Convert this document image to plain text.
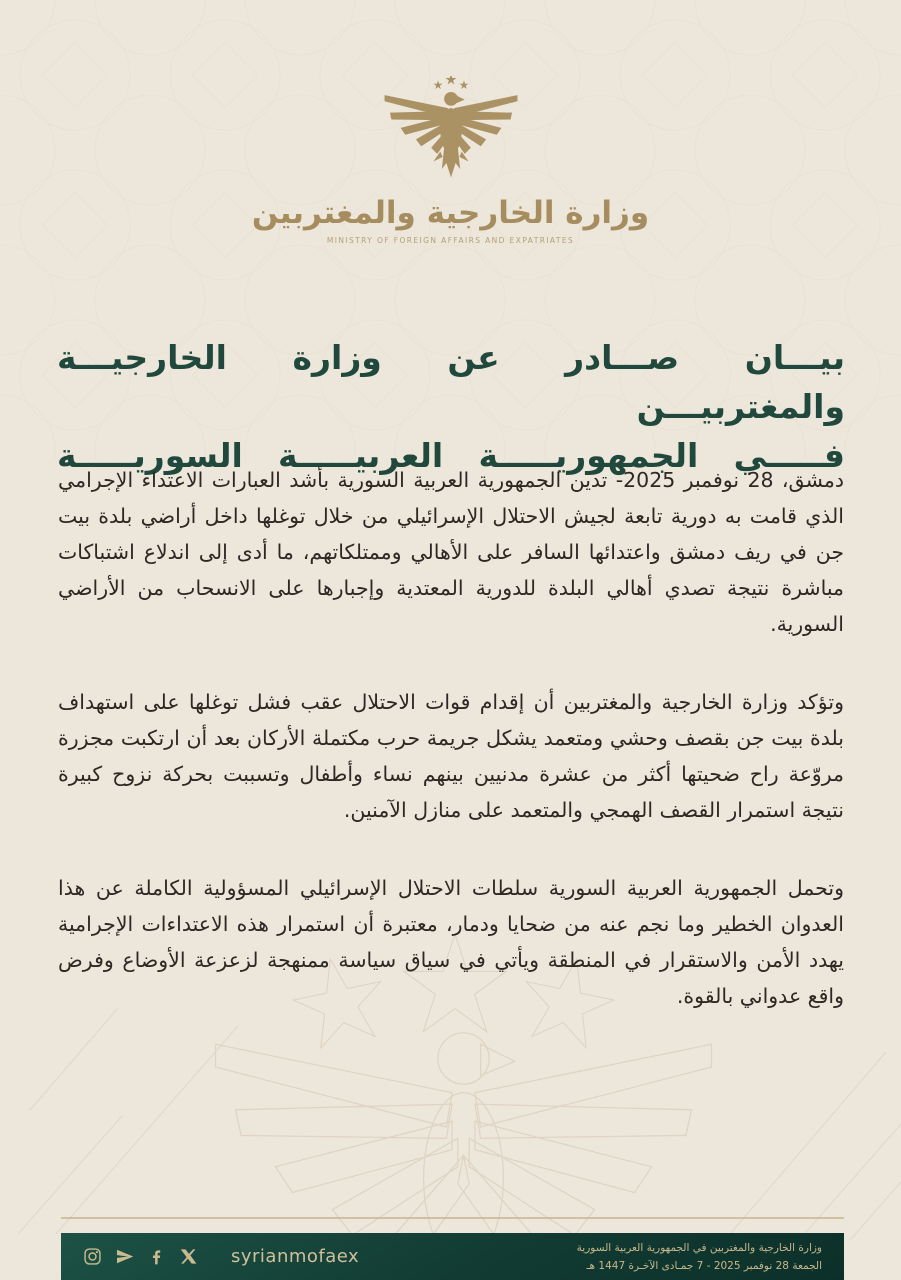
وزارة الخارجية والمغتربين
MINISTRY OF FOREIGN AFFAIRS AND EXPATRIATES
بيـــان صـــادر عن وزارة الخارجيـــة والمغتربيـــن
فـــــي الجمهوريـــــة العربيـــــة السوريـــــة

دمشق، 28 نوفمبر 2025- تدين الجمهورية العربية السورية بأشد العبارات الاعتداء الإجرامي الذي قامت به دورية تابعة لجيش الاحتلال الإسرائيلي من خلال توغلها داخل أراضي بلدة بيت جن في ريف دمشق واعتدائها السافر على الأهالي وممتلكاتهم، ما أدى إلى اندلاع اشتباكات مباشرة نتيجة تصدي أهالي البلدة للدورية المعتدية وإجبارها على الانسحاب من الأراضي السورية.

وتؤكد وزارة الخارجية والمغتربين أن إقدام قوات الاحتلال عقب فشل توغلها على استهداف بلدة بيت جن بقصف وحشي ومتعمد يشكل جريمة حرب مكتملة الأركان بعد أن ارتكبت مجزرة مروّعة راح ضحيتها أكثر من عشرة مدنيين بينهم نساء وأطفال وتسببت بحركة نزوح كبيرة نتيجة استمرار القصف الهمجي والمتعمد على منازل الآمنين.

وتحمل الجمهورية العربية السورية سلطات الاحتلال الإسرائيلي المسؤولية الكاملة عن هذا العدوان الخطير وما نجم عنه من ضحايا ودمار، معتبرة أن استمرار هذه الاعتداءات الإجرامية يهدد الأمن والاستقرار في المنطقة ويأتي في سياق سياسة ممنهجة لزعزعة الأوضاع وفرض واقع عدواني بالقوة.

syrianmofaex	وزارة الخارجية والمغتربين في الجمهورية العربية السورية
الجمعة 28 نوفمبر 2025 - 7 جمـادى الآخـرة 1447 هـ
